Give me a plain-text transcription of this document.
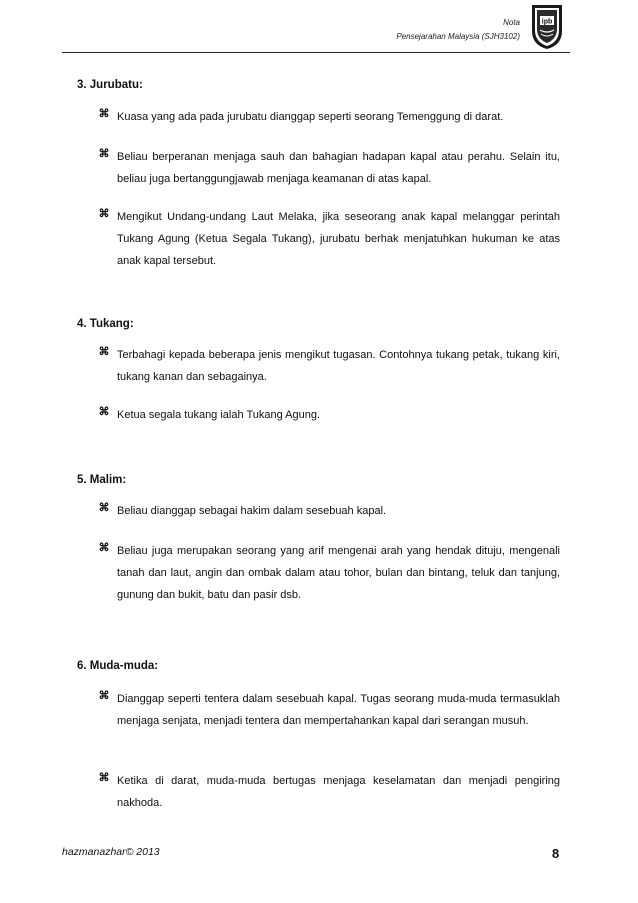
Nota
Pensejarahan Malaysia (SJH3102)
ipb
3. Jurubatu:
⌘ Kuasa yang ada pada jurubatu dianggap seperti seorang Temenggung di darat.
⌘ Beliau berperanan menjaga sauh dan bahagian hadapan kapal atau perahu. Selain itu, beliau juga bertanggungjawab menjaga keamanan di atas kapal.
⌘ Mengikut Undang-undang Laut Melaka, jika seseorang anak kapal melanggar perintah Tukang Agung (Ketua Segala Tukang), jurubatu berhak menjatuhkan hukuman ke atas anak kapal tersebut.
4. Tukang:
⌘ Terbahagi kepada beberapa jenis mengikut tugasan. Contohnya tukang petak, tukang kiri, tukang kanan dan sebagainya.
⌘ Ketua segala tukang ialah Tukang Agung.
5. Malim:
⌘ Beliau dianggap sebagai hakim dalam sesebuah kapal.
⌘ Beliau juga merupakan seorang yang arif mengenai arah yang hendak dituju, mengenali tanah dan laut, angin dan ombak dalam atau tohor, bulan dan bintang, teluk dan tanjung, gunung dan bukit, batu dan pasir dsb.
6. Muda-muda:
⌘ Dianggap seperti tentera dalam sesebuah kapal. Tugas seorang muda-muda termasuklah menjaga senjata, menjadi tentera dan mempertahankan kapal dari serangan musuh.
⌘ Ketika di darat, muda-muda bertugas menjaga keselamatan dan menjadi pengiring nakhoda.
hazmanazhar© 2013	8
